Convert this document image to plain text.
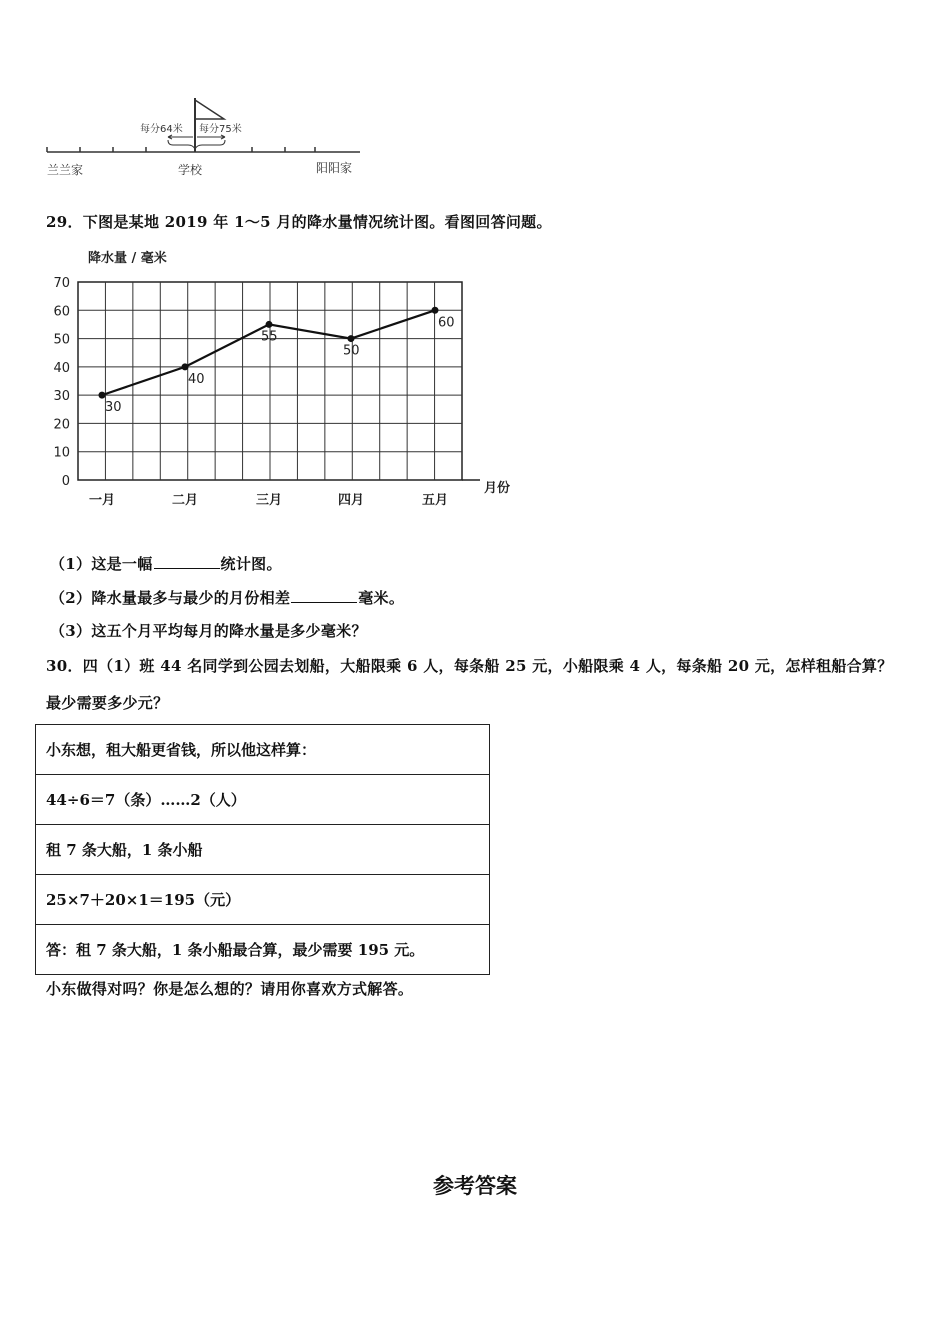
每分64米 每分75米
兰兰家	学校	阳阳家
29．下图是某地 2019 年 1～5 月的降水量情况统计图。看图回答问题。
0
10
20
30
40
50
60
70
降水量 / 毫米
月份
30
40
55
50
60
一月	二月	三月	四月	五月
（1）这是一幅	统计图。
（2）降水量最多与最少的月份相差	毫米。
（3）这五个月平均每月的降水量是多少毫米？
30．四（1）班 44 名同学到公园去划船，大船限乘 6 人，每条船 25 元，小船限乘 4 人，每条船 20 元，怎样租船合算？
最少需要多少元？
小东想，租大船更省钱，所以他这样算：
44÷6＝7（条）……2（人）
租 7 条大船，1 条小船
25×7＋20×1＝195（元）
答：租 7 条大船，1 条小船最合算，最少需要 195 元。
小东做得对吗？你是怎么想的？请用你喜欢方式解答。
参考答案
